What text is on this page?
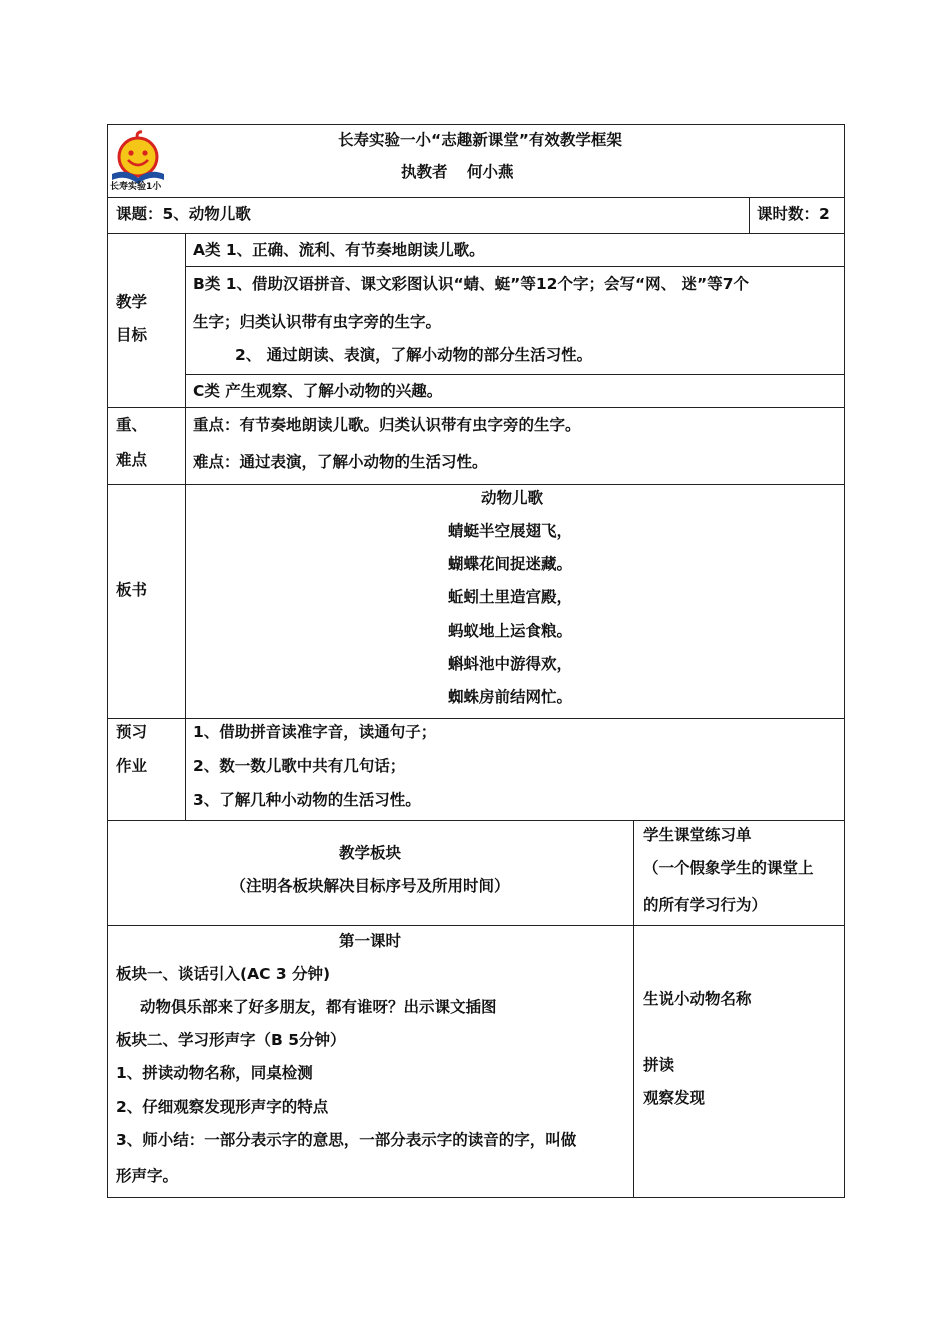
长寿实验1小
长寿实验一小“志趣新课堂”有效教学框架
执教者 何小燕
课题：5、动物儿歌	课时数：2
教学
目标
A类 1、正确、流利、有节奏地朗读儿歌。
B类 1、借助汉语拼音、课文彩图认识“蜻、蜓”等12个字；会写“网、 迷”等7个
生字；归类认识带有虫字旁的生字。
2、 通过朗读、表演，了解小动物的部分生活习性。
C类 产生观察、了解小动物的兴趣。
重、
难点
重点：有节奏地朗读儿歌。归类认识带有虫字旁的生字。
难点：通过表演，了解小动物的生活习性。
板书
动物儿歌
蜻蜓半空展翅飞，
蝴蝶花间捉迷藏。
蚯蚓土里造宫殿，
蚂蚁地上运食粮。
蝌蚪池中游得欢，
蜘蛛房前结网忙。
预习
作业
1、借助拼音读准字音，读通句子；
2、数一数儿歌中共有几句话；
3、了解几种小动物的生活习性。
教学板块
（注明各板块解决目标序号及所用时间）
学生课堂练习单
（一个假象学生的课堂上
的所有学习行为）
第一课时
板块一、谈话引入(AC 3 分钟)
动物俱乐部来了好多朋友，都有谁呀？出示课文插图
板块二、学习形声字（B 5分钟）
1、拼读动物名称，同桌检测
2、仔细观察发现形声字的特点
3、师小结：一部分表示字的意思，一部分表示字的读音的字，叫做
形声字。
生说小动物名称
拼读
观察发现
